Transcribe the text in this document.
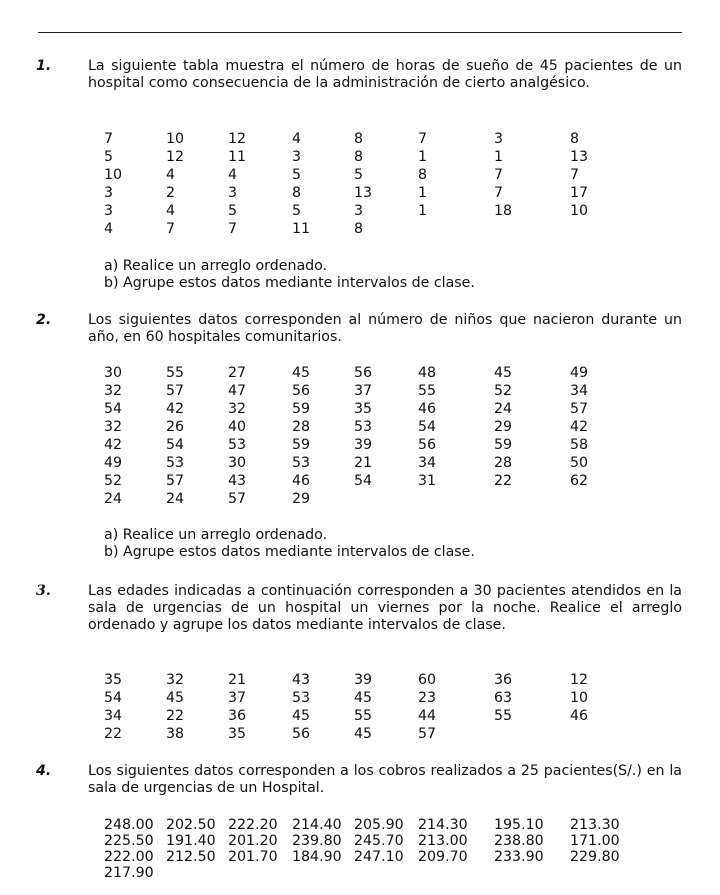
1.	La siguiente tabla muestra el número de horas de sueño de 45 pacientes de un hospital como consecuencia de la administración de cierto analgésico.
7	10	12	4	8	7	3	8
5	12	11	3	8	1	1	13
10	4	4	5	5	8	7	7
3	2	3	8	13	1	7	17
3	4	5	5	3	1	18	10
4	7	7	11	8
a) Realice un arreglo ordenado.
b) Agrupe estos datos mediante intervalos de clase.
2.	Los siguientes datos corresponden al número de niños que nacieron durante un año, en 60 hospitales comunitarios.
30	55	27	45	56	48	45	49
32	57	47	56	37	55	52	34
54	42	32	59	35	46	24	57
32	26	40	28	53	54	29	42
42	54	53	59	39	56	59	58
49	53	30	53	21	34	28	50
52	57	43	46	54	31	22	62
24	24	57	29
a) Realice un arreglo ordenado.
b) Agrupe estos datos mediante intervalos de clase.
3.	Las edades indicadas a continuación corresponden a 30 pacientes atendidos en la sala de urgencias de un hospital un viernes por la noche. Realice el arreglo ordenado y agrupe los datos mediante intervalos de clase.
35	32	21	43	39	60	36	12
54	45	37	53	45	23	63	10
34	22	36	45	55	44	55	46
22	38	35	56	45	57
4.	Los siguientes datos corresponden a los cobros realizados a 25 pacientes(S/.) en la sala de urgencias de un Hospital.
248.00 202.50 222.20 214.40 205.90 214.30 195.10 213.30
225.50 191.40 201.20 239.80 245.70 213.00 238.80 171.00
222.00 212.50 201.70 184.90 247.10 209.70 233.90 229.80
217.90
